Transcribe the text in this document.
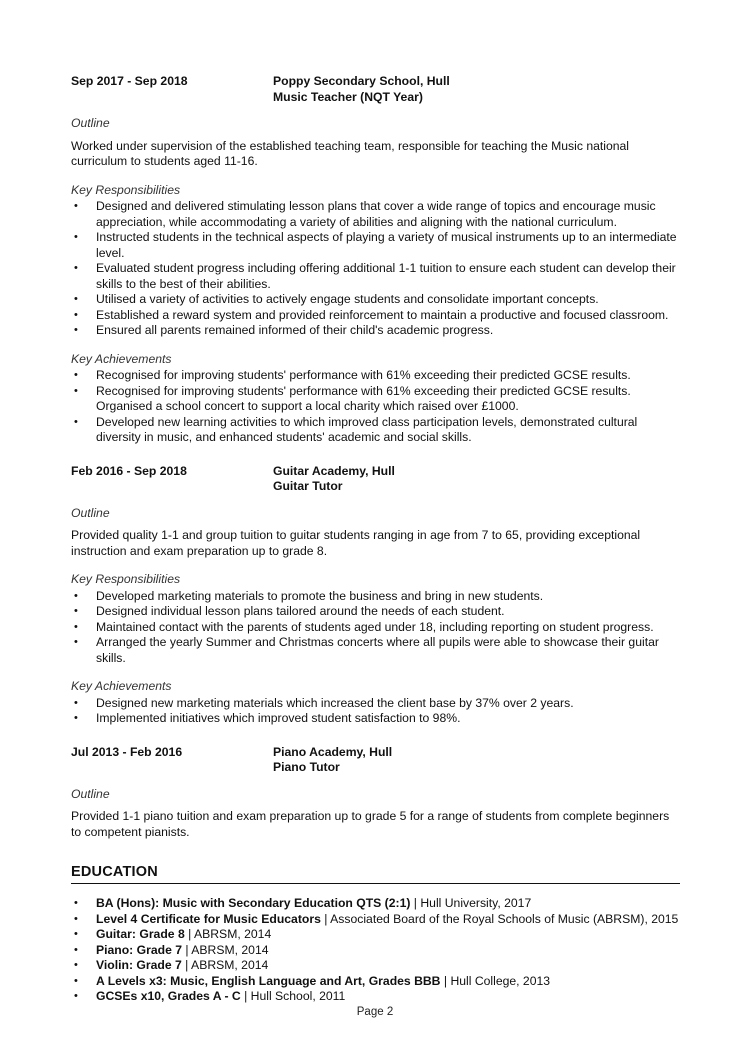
Sep 2017 - Sep 2018	Poppy Secondary School, Hull
Music Teacher (NQT Year)
Outline
Worked under supervision of the established teaching team, responsible for teaching the Music national curriculum to students aged 11-16.
Key Responsibilities
• Designed and delivered stimulating lesson plans that cover a wide range of topics and encourage music appreciation, while accommodating a variety of abilities and aligning with the national curriculum.
• Instructed students in the technical aspects of playing a variety of musical instruments up to an intermediate level.
• Evaluated student progress including offering additional 1-1 tuition to ensure each student can develop their skills to the best of their abilities.
• Utilised a variety of activities to actively engage students and consolidate important concepts.
• Established a reward system and provided reinforcement to maintain a productive and focused classroom.
• Ensured all parents remained informed of their child's academic progress.
Key Achievements
• Recognised for improving students' performance with 61% exceeding their predicted GCSE results.
• Recognised for improving students' performance with 61% exceeding their predicted GCSE results. Organised a school concert to support a local charity which raised over £1000.
• Developed new learning activities to which improved class participation levels, demonstrated cultural diversity in music, and enhanced students' academic and social skills.
Feb 2016 - Sep 2018	Guitar Academy, Hull
Guitar Tutor
Outline
Provided quality 1-1 and group tuition to guitar students ranging in age from 7 to 65, providing exceptional instruction and exam preparation up to grade 8.
Key Responsibilities
• Developed marketing materials to promote the business and bring in new students.
• Designed individual lesson plans tailored around the needs of each student.
• Maintained contact with the parents of students aged under 18, including reporting on student progress.
• Arranged the yearly Summer and Christmas concerts where all pupils were able to showcase their guitar skills.
Key Achievements
• Designed new marketing materials which increased the client base by 37% over 2 years.
• Implemented initiatives which improved student satisfaction to 98%.
Jul 2013 - Feb 2016	Piano Academy, Hull
Piano Tutor
Outline
Provided 1-1 piano tuition and exam preparation up to grade 5 for a range of students from complete beginners to competent pianists.
EDUCATION
• BA (Hons): Music with Secondary Education QTS (2:1) | Hull University, 2017
• Level 4 Certificate for Music Educators | Associated Board of the Royal Schools of Music (ABRSM), 2015
• Guitar: Grade 8 | ABRSM, 2014
• Piano: Grade 7 | ABRSM, 2014
• Violin: Grade 7 | ABRSM, 2014
• A Levels x3: Music, English Language and Art, Grades BBB | Hull College, 2013
• GCSEs x10, Grades A - C | Hull School, 2011
Page 2
